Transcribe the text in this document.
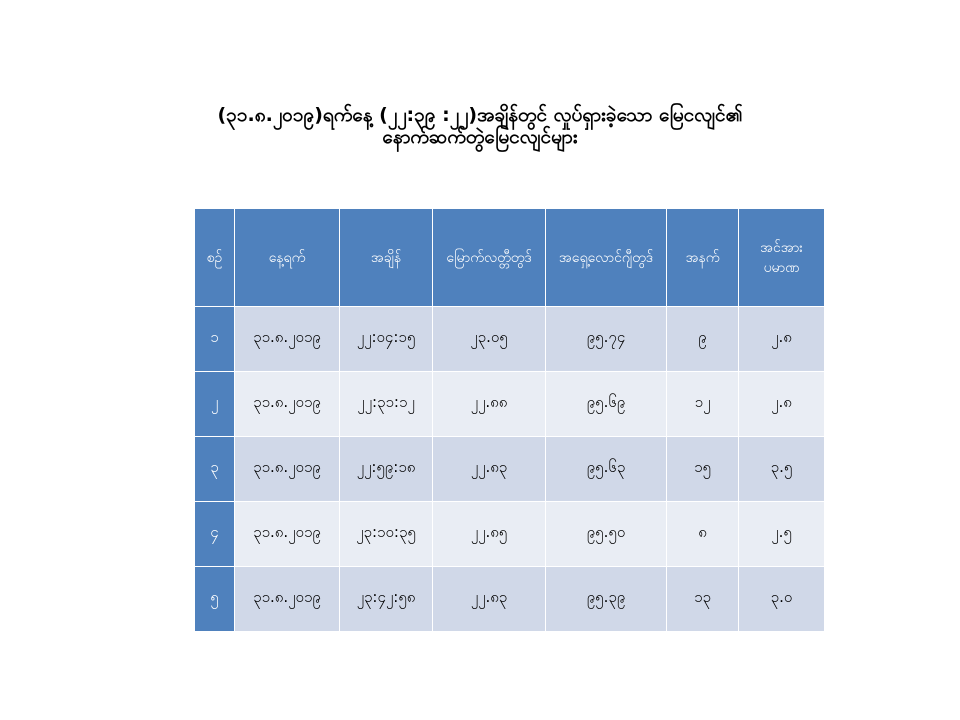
(၃၁.၈.၂၀၁၉)ရက်နေ့ (၂၂:၃၉ :၂၂)အချိန်တွင် လှုပ်ရှားခဲ့သော မြေငလျင်၏
နောက်ဆက်တွဲမြေငလျင်များ
စဉ်	နေ့ရက်	အချိန်	မြောက်လတ္တီတွဒ်	အရှေ့လောင်ဂျီတွဒ်	အနက်	အင်အားပမာဏ
၁	၃၁.၈.၂၀၁၉	၂၂:၀၄:၁၅	၂၃.၀၅	၉၅.၇၄	၉	၂.၈
၂	၃၁.၈.၂၀၁၉	၂၂:၃၁:၁၂	၂၂.၈၈	၉၅.၆၉	၁၂	၂.၈
၃	၃၁.၈.၂၀၁၉	၂၂:၅၉:၁၈	၂၂.၈၃	၉၅.၆၃	၁၅	၃.၅
၄	၃၁.၈.၂၀၁၉	၂၃:၁၀:၃၅	၂၂.၈၅	၉၅.၅၀	၈	၂.၅
၅	၃၁.၈.၂၀၁၉	၂၃:၄၂:၅၈	၂၂.၈၃	၉၅.၃၉	၁၃	၃.၀
